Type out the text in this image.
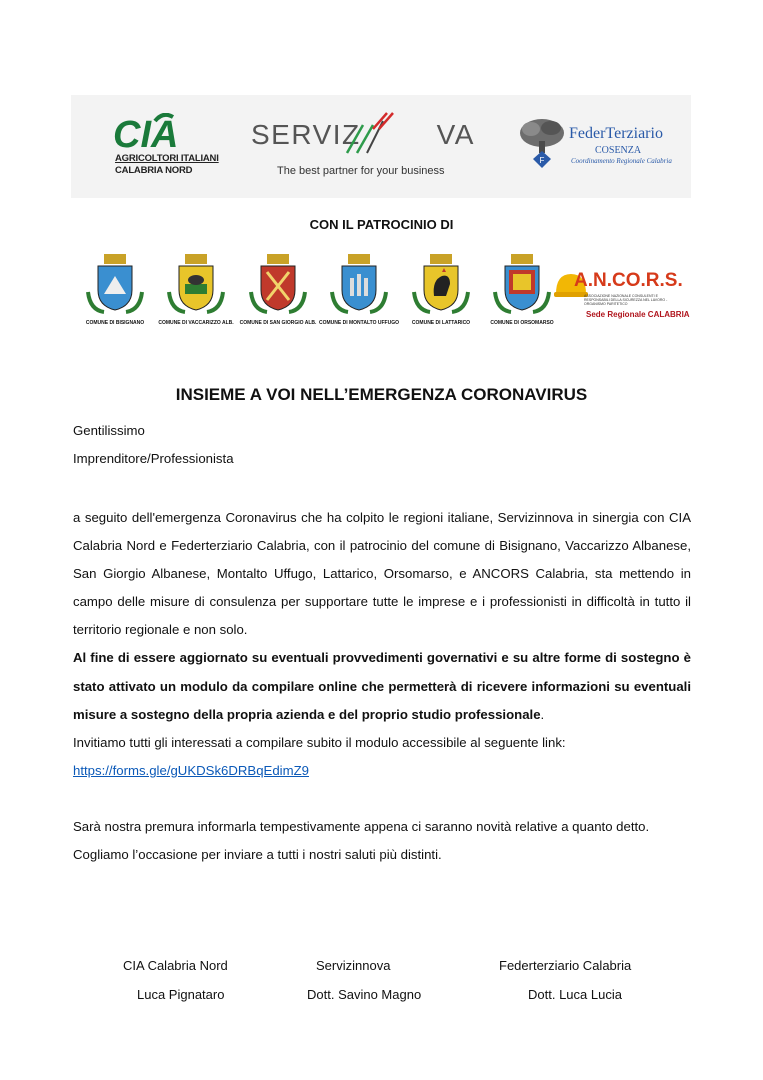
CIA
AGRICOLTORI ITALIANI
CALABRIA NORD
SERVIZ	VA
The best partner for your business
F
FederTerziario
COSENZA
Coordinamento Regionale Calabria
CON IL PATROCINIO DI
COMUNE DI BISIGNANO	COMUNE DI VACCARIZZO ALB.	COMUNE DI SAN GIORGIO ALB. COMUNE DI MONTALTO UFFUGO	COMUNE DI LATTARICO	COMUNE DI ORSOMARSO
A.N.CO.R.S.
ASSOCIAZIONE NAZIONALE CONSULENTI E RESPONSABILI DELLA SICUREZZA NEL LAVORO - ORGANISMO PARITETICO
Sede Regionale CALABRIA
INSIEME A VOI NELL’EMERGENZA CORONAVIRUS
Gentilissimo
Imprenditore/Professionista
a seguito dell'emergenza Coronavirus che ha colpito le regioni italiane, Servizinnova in sinergia con CIA Calabria Nord e Federterziario Calabria, con il patrocinio del comune di Bisignano, Vaccarizzo Albanese, San Giorgio Albanese, Montalto Uffugo, Lattarico, Orsomarso, e ANCORS Calabria, sta mettendo in campo delle misure di consulenza per supportare tutte le imprese e i professionisti in difficoltà in tutto il territorio regionale e non solo.
Al fine di essere aggiornato su eventuali provvedimenti governativi e su altre forme di sostegno è stato attivato un modulo da compilare online che permetterà di ricevere informazioni su eventuali misure a sostegno della propria azienda e del proprio studio professionale.
Invitiamo tutti gli interessati a compilare subito il modulo accessibile al seguente link:
https://forms.gle/gUKDSk6DRBqEdimZ9
Sarà nostra premura informarla tempestivamente appena ci saranno novità relative a quanto detto.
Cogliamo l’occasione per inviare a tutti i nostri saluti più distinti.
CIA Calabria Nord	Servizinnova	Federterziario Calabria
Luca Pignataro	Dott. Savino Magno	Dott. Luca Lucia
